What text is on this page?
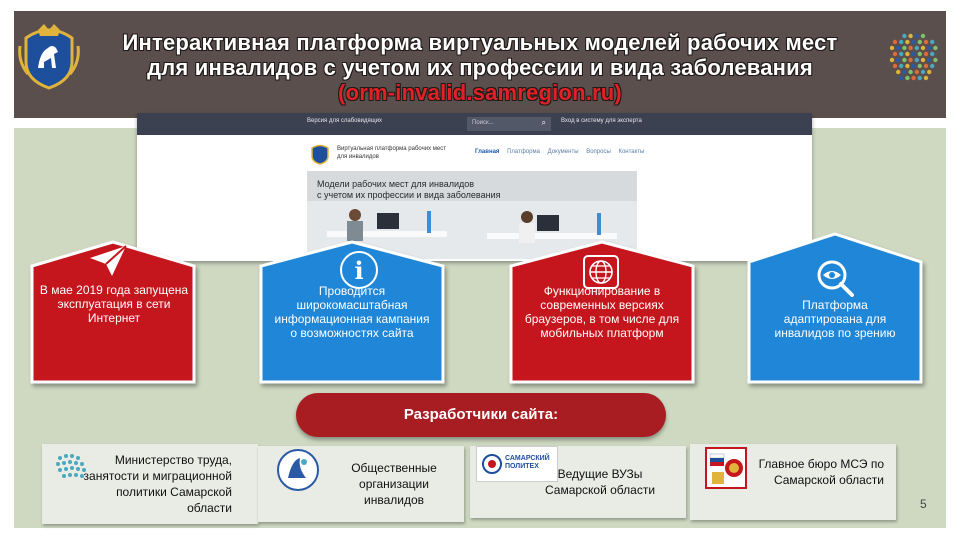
Интерактивная платформа виртуальных моделей рабочих мест
для инвалидов с учетом их профессии и вида заболевания
(orm-invalid.samregion.ru)
Версия для слабовидящих	Поиск...	⌕	Вход в систему для эксперта
Виртуальная платформа рабочих мест для инвалидов
Главная Платформа Документы Вопросы Контакты
Модели рабочих мест для инвалидов
с учетом их профессии и вида заболевания
В мае 2019 года запущена эксплуатация в сети Интернет
i
Проводится широкомасштабная информационная кампания о возможностях сайта
Функционирование в современных версиях браузеров, в том числе для мобильных платформ
Платформа адаптирована для инвалидов по зрению
Разработчики сайта:
Министерство труда, занятости и миграционной политики Самарской области
Общественные организации инвалидов
САМАРСКИЙ ПОЛИТЕХ
Ведущие ВУЗы Самарской области
Главное бюро МСЭ по Самарской области
5
